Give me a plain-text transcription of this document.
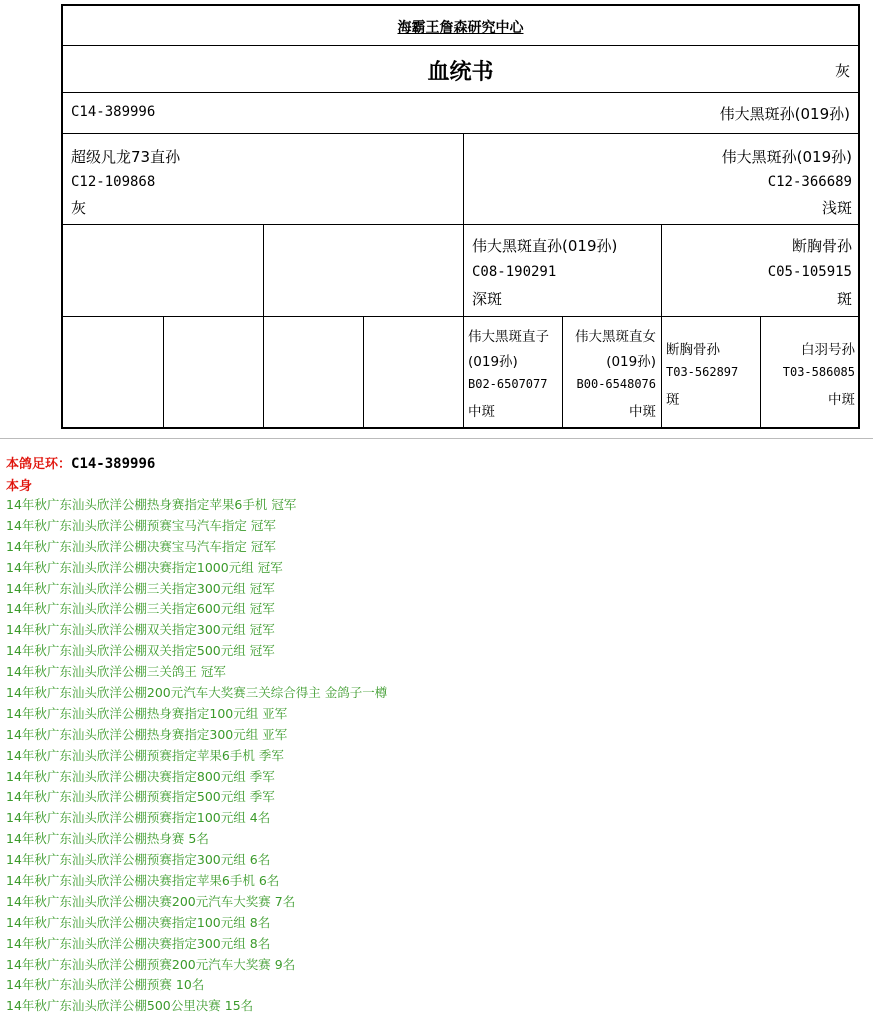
海霸王詹森研究中心
血统书	灰
C14-389996	伟大黑斑孙(019孙)
超级凡龙73直孙
C12-109868
灰
伟大黑斑孙(019孙)
C12-366689
浅斑
伟大黑斑直孙(019孙)
C08-190291
深斑
断胸骨孙
C05-105915
斑
伟大黑斑直子
(019孙)
B02-6507077
中斑
伟大黑斑直女
(019孙)
B00-6548076
中斑
断胸骨孙
T03-562897
斑
白羽号孙
T03-586085
中斑
本鸽足环：C14-389996
本身
14年秋广东汕头欣洋公棚热身赛指定苹果6手机 冠军
14年秋广东汕头欣洋公棚预赛宝马汽车指定 冠军
14年秋广东汕头欣洋公棚决赛宝马汽车指定 冠军
14年秋广东汕头欣洋公棚决赛指定1000元组 冠军
14年秋广东汕头欣洋公棚三关指定300元组 冠军
14年秋广东汕头欣洋公棚三关指定600元组 冠军
14年秋广东汕头欣洋公棚双关指定300元组 冠军
14年秋广东汕头欣洋公棚双关指定500元组 冠军
14年秋广东汕头欣洋公棚三关鸽王 冠军
14年秋广东汕头欣洋公棚200元汽车大奖赛三关综合得主 金鸽子一樽
14年秋广东汕头欣洋公棚热身赛指定100元组 亚军
14年秋广东汕头欣洋公棚热身赛指定300元组 亚军
14年秋广东汕头欣洋公棚预赛指定苹果6手机 季军
14年秋广东汕头欣洋公棚决赛指定800元组 季军
14年秋广东汕头欣洋公棚预赛指定500元组 季军
14年秋广东汕头欣洋公棚预赛指定100元组 4名
14年秋广东汕头欣洋公棚热身赛 5名
14年秋广东汕头欣洋公棚预赛指定300元组 6名
14年秋广东汕头欣洋公棚决赛指定苹果6手机 6名
14年秋广东汕头欣洋公棚决赛200元汽车大奖赛 7名
14年秋广东汕头欣洋公棚决赛指定100元组 8名
14年秋广东汕头欣洋公棚决赛指定300元组 8名
14年秋广东汕头欣洋公棚预赛200元汽车大奖赛 9名
14年秋广东汕头欣洋公棚预赛 10名
14年秋广东汕头欣洋公棚500公里决赛 15名
